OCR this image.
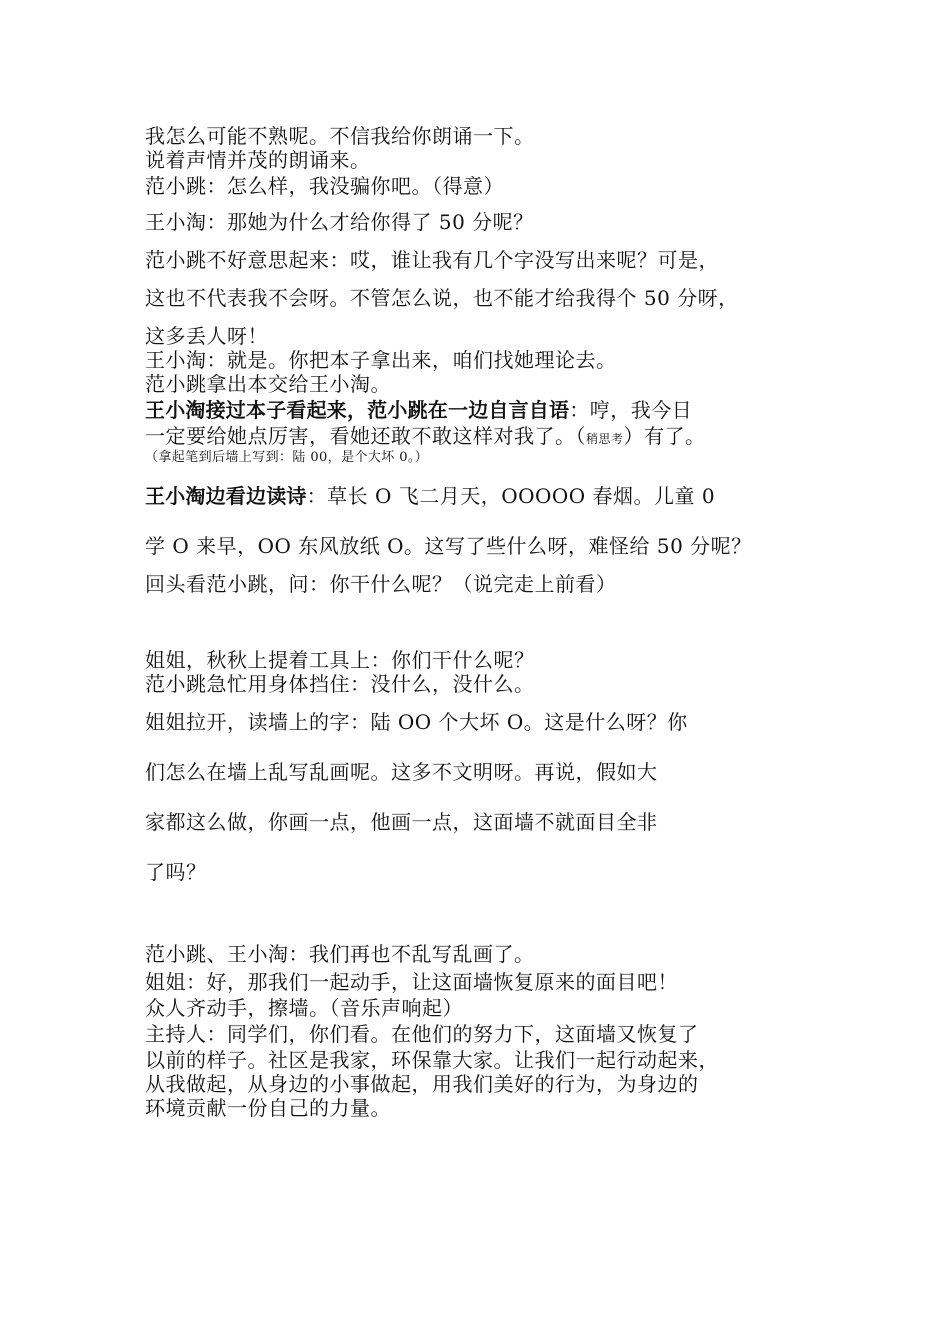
我怎么可能不熟呢。不信我给你朗诵一下。
说着声情并茂的朗诵来。
范小跳：怎么样，我没骗你吧。（得意）
王小淘：那她为什么才给你得了 50 分呢？
范小跳不好意思起来：哎，谁让我有几个字没写出来呢？可是，
这也不代表我不会呀。不管怎么说，也不能才给我得个 50 分呀，
这多丢人呀！
王小淘：就是。你把本子拿出来，咱们找她理论去。
范小跳拿出本交给王小淘。
王小淘接过本子看起来，范小跳在一边自言自语：哼，我今日
一定要给她点厉害，看她还敢不敢这样对我了。（稍思考）有了。
（拿起笔到后墙上写到：陆 00，是个大坏 0。）
王小淘边看边读诗：草长 O 飞二月天，OOOOO 春烟。儿童 0
学 O 来早，OO 东风放纸 O。这写了些什么呀，难怪给 50 分呢？
回头看范小跳，问：你干什么呢？（说完走上前看）
姐姐，秋秋上提着工具上：你们干什么呢？
范小跳急忙用身体挡住：没什么，没什么。
姐姐拉开，读墙上的字：陆 OO 个大坏 O。这是什么呀？你
们怎么在墙上乱写乱画呢。这多不文明呀。再说，假如大
家都这么做，你画一点，他画一点，这面墙不就面目全非
了吗？
范小跳、王小淘：我们再也不乱写乱画了。
姐姐：好，那我们一起动手，让这面墙恢复原来的面目吧！
众人齐动手，擦墙。（音乐声响起）
主持人：同学们，你们看。在他们的努力下，这面墙又恢复了
以前的样子。社区是我家，环保靠大家。让我们一起行动起来，
从我做起，从身边的小事做起，用我们美好的行为，为身边的
环境贡献一份自己的力量。
